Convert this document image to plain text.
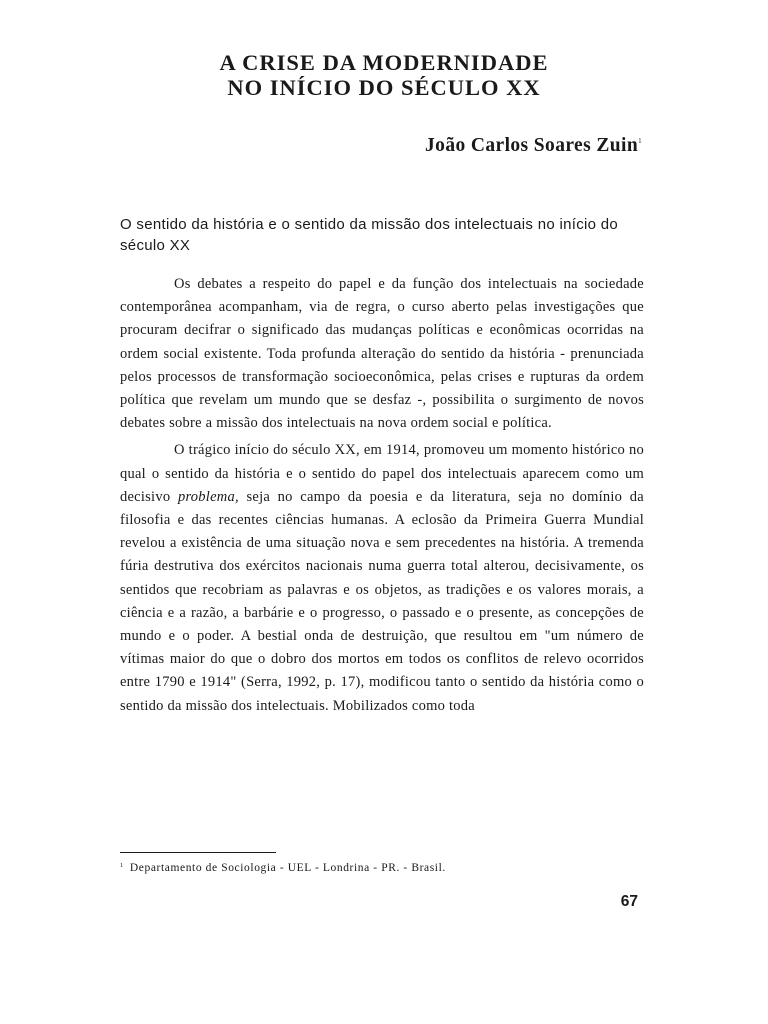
A CRISE DA MODERNIDADE
NO INÍCIO DO SÉCULO XX
João Carlos Soares Zuin$^1$
O sentido da história e o sentido da missão dos intelectuais no início do século XX

Os debates a respeito do papel e da função dos intelectuais na sociedade contemporânea acompanham, via de regra, o curso aberto pelas investigações que procuram decifrar o significado das mudanças políticas e econômicas ocorridas na ordem social existente. Toda profunda alteração do sentido da história - prenunciada pelos processos de transformação socioeconômica, pelas crises e rupturas da ordem política que revelam um mundo que se desfaz -, possibilita o surgimento de novos debates sobre a missão dos intelectuais na nova ordem social e política.

O trágico início do século XX, em 1914, promoveu um momento histórico no qual o sentido da história e o sentido do papel dos intelectuais aparecem como um decisivo problema, seja no campo da poesia e da literatura, seja no domínio da filosofia e das recentes ciências humanas. A eclosão da Primeira Guerra Mundial revelou a existência de uma situação nova e sem precedentes na história. A tremenda fúria destrutiva dos exércitos nacionais numa guerra total alterou, decisivamente, os sentidos que recobriam as palavras e os objetos, as tradições e os valores morais, a ciência e a razão, a barbárie e o progresso, o passado e o presente, as concepções de mundo e o poder. A bestial onda de destruição, que resultou em "um número de vítimas maior do que o dobro dos mortos em todos os conflitos de relevo ocorridos entre 1790 e 1914" (Serra, 1992, p. 17), modificou tanto o sentido da história como o sentido da missão dos intelectuais. Mobilizados como toda

$^1$ Departamento de Sociologia - UEL - Londrina - PR. - Brasil.
67
